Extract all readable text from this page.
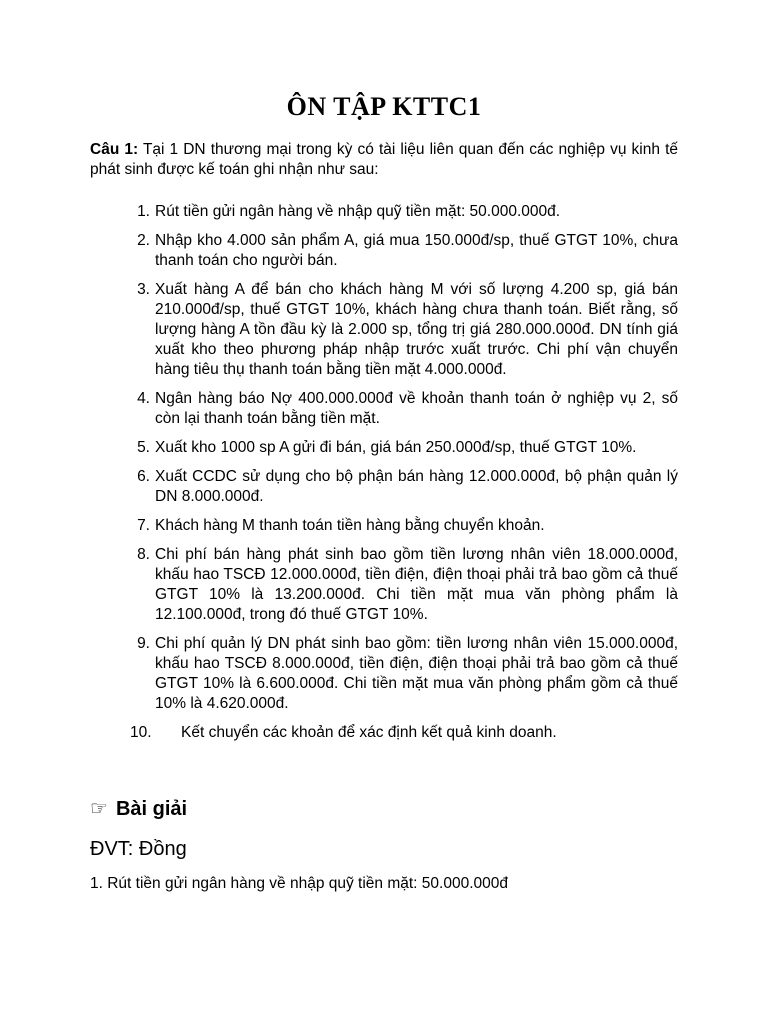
ÔN TẬP KTTC1
Câu 1: Tại 1 DN thương mại trong kỳ có tài liệu liên quan đến các nghiệp vụ kinh tế phát sinh được kế toán ghi nhận như sau:
1. Rút tiền gửi ngân hàng về nhập quỹ tiền mặt: 50.000.000đ.
2. Nhập kho 4.000 sản phẩm A, giá mua 150.000đ/sp, thuế GTGT 10%, chưa thanh toán cho người bán.
3. Xuất hàng A để bán cho khách hàng M với số lượng 4.200 sp, giá bán 210.000đ/sp, thuế GTGT 10%, khách hàng chưa thanh toán. Biết rằng, số lượng hàng A tồn đầu kỳ là 2.000 sp, tổng trị giá 280.000.000đ. DN tính giá xuất kho theo phương pháp nhập trước xuất trước. Chi phí vận chuyển hàng tiêu thụ thanh toán bằng tiền mặt 4.000.000đ.
4. Ngân hàng báo Nợ 400.000.000đ về khoản thanh toán ở nghiệp vụ 2, số còn lại thanh toán bằng tiền mặt.
5. Xuất kho 1000 sp A gửi đi bán, giá bán 250.000đ/sp, thuế GTGT 10%.
6. Xuất CCDC sử dụng cho bộ phận bán hàng 12.000.000đ, bộ phận quản lý DN 8.000.000đ.
7. Khách hàng M thanh toán tiền hàng bằng chuyển khoản.
8. Chi phí bán hàng phát sinh bao gồm tiền lương nhân viên 18.000.000đ, khấu hao TSCĐ 12.000.000đ, tiền điện, điện thoại phải trả bao gồm cả thuế GTGT 10% là 13.200.000đ. Chi tiền mặt mua văn phòng phẩm là 12.100.000đ, trong đó thuế GTGT 10%.
9. Chi phí quản lý DN phát sinh bao gồm: tiền lương nhân viên 15.000.000đ, khấu hao TSCĐ 8.000.000đ, tiền điện, điện thoại phải trả bao gồm cả thuế GTGT 10% là 6.600.000đ. Chi tiền mặt mua văn phòng phẩm gồm cả thuế 10% là 4.620.000đ.
10. Kết chuyển các khoản để xác định kết quả kinh doanh.
☞ Bài giải
ĐVT: Đồng
1. Rút tiền gửi ngân hàng về nhập quỹ tiền mặt: 50.000.000đ
